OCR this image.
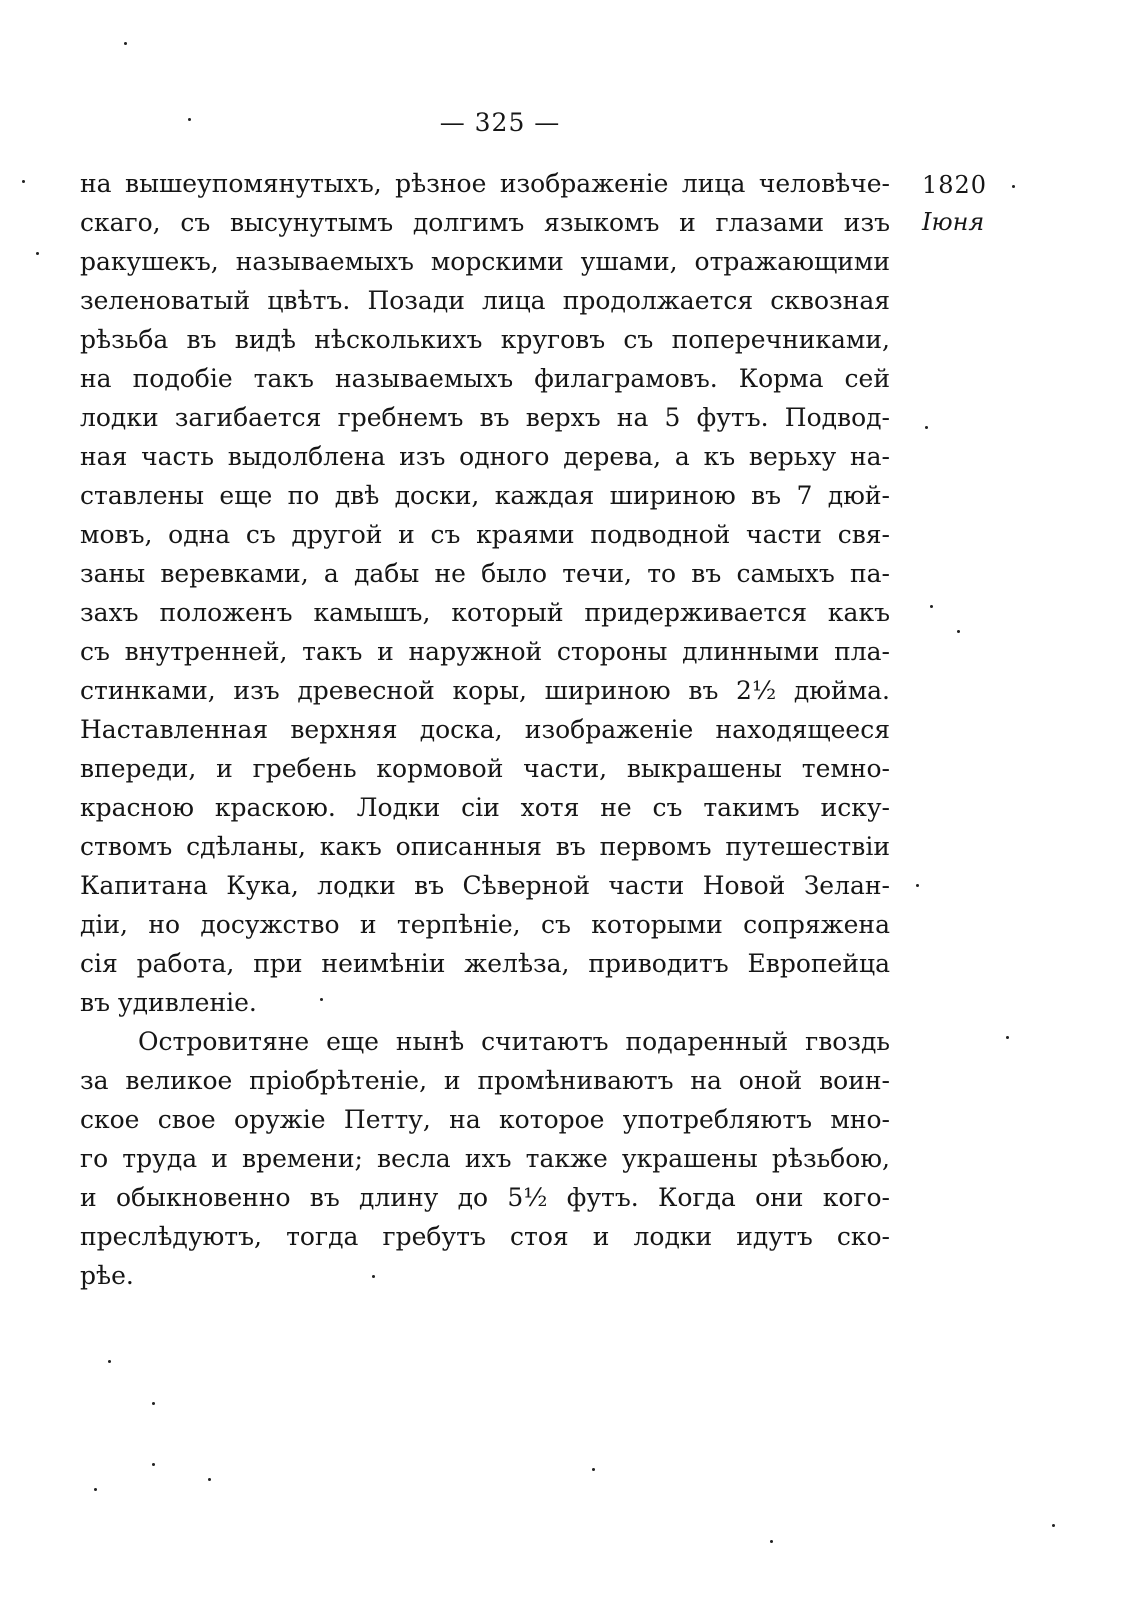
— 325 —
1820
Іюня
на вышеупомянутыхъ, рѣзное изображеніе лица человѣче-
скаго, съ высунутымъ долгимъ языкомъ и глазами изъ
ракушекъ, называемыхъ морскими ушами, отражающими
зеленоватый цвѣтъ. Позади лица продолжается сквозная
рѣзьба въ видѣ нѣсколькихъ круговъ съ поперечниками,
на подобіе такъ называемыхъ филаграмовъ. Корма сей
лодки загибается гребнемъ въ верхъ на 5 футъ. Подвод-
ная часть выдолблена изъ одного дерева, а къ верьху на-
ставлены еще по двѣ доски, каждая шириною въ 7 дюй-
мовъ, одна съ другой и съ краями подводной части свя-
заны веревками, а дабы не было течи, то въ самыхъ па-
захъ положенъ камышъ, который придерживается какъ
съ внутренней, такъ и наружной стороны длинными пла-
стинками, изъ древесной коры, шириною въ 2½ дюйма.
Наставленная верхняя доска, изображеніе находящееся
впереди, и гребень кормовой части, выкрашены темно-
красною краскою. Лодки сіи хотя не съ такимъ иску-
ствомъ сдѣланы, какъ описанныя въ первомъ путешествіи
Капитана Кука, лодки въ Сѣверной части Новой Зелан-
діи, но досужство и терпѣніе, съ которыми сопряжена
сія работа, при неимѣніи желѣза, приводитъ Европейца
въ удивленіе.
Островитяне еще нынѣ считаютъ подаренный гвоздь
за великое пріобрѣтеніе, и промѣниваютъ на оной воин-
ское свое оружіе Петту, на которое употребляютъ мно-
го труда и времени; весла ихъ также украшены рѣзьбою,
и обыкновенно въ длину до 5½ футъ. Когда они кого-
преслѣдуютъ, тогда гребутъ стоя и лодки идутъ ско-
рѣе.
